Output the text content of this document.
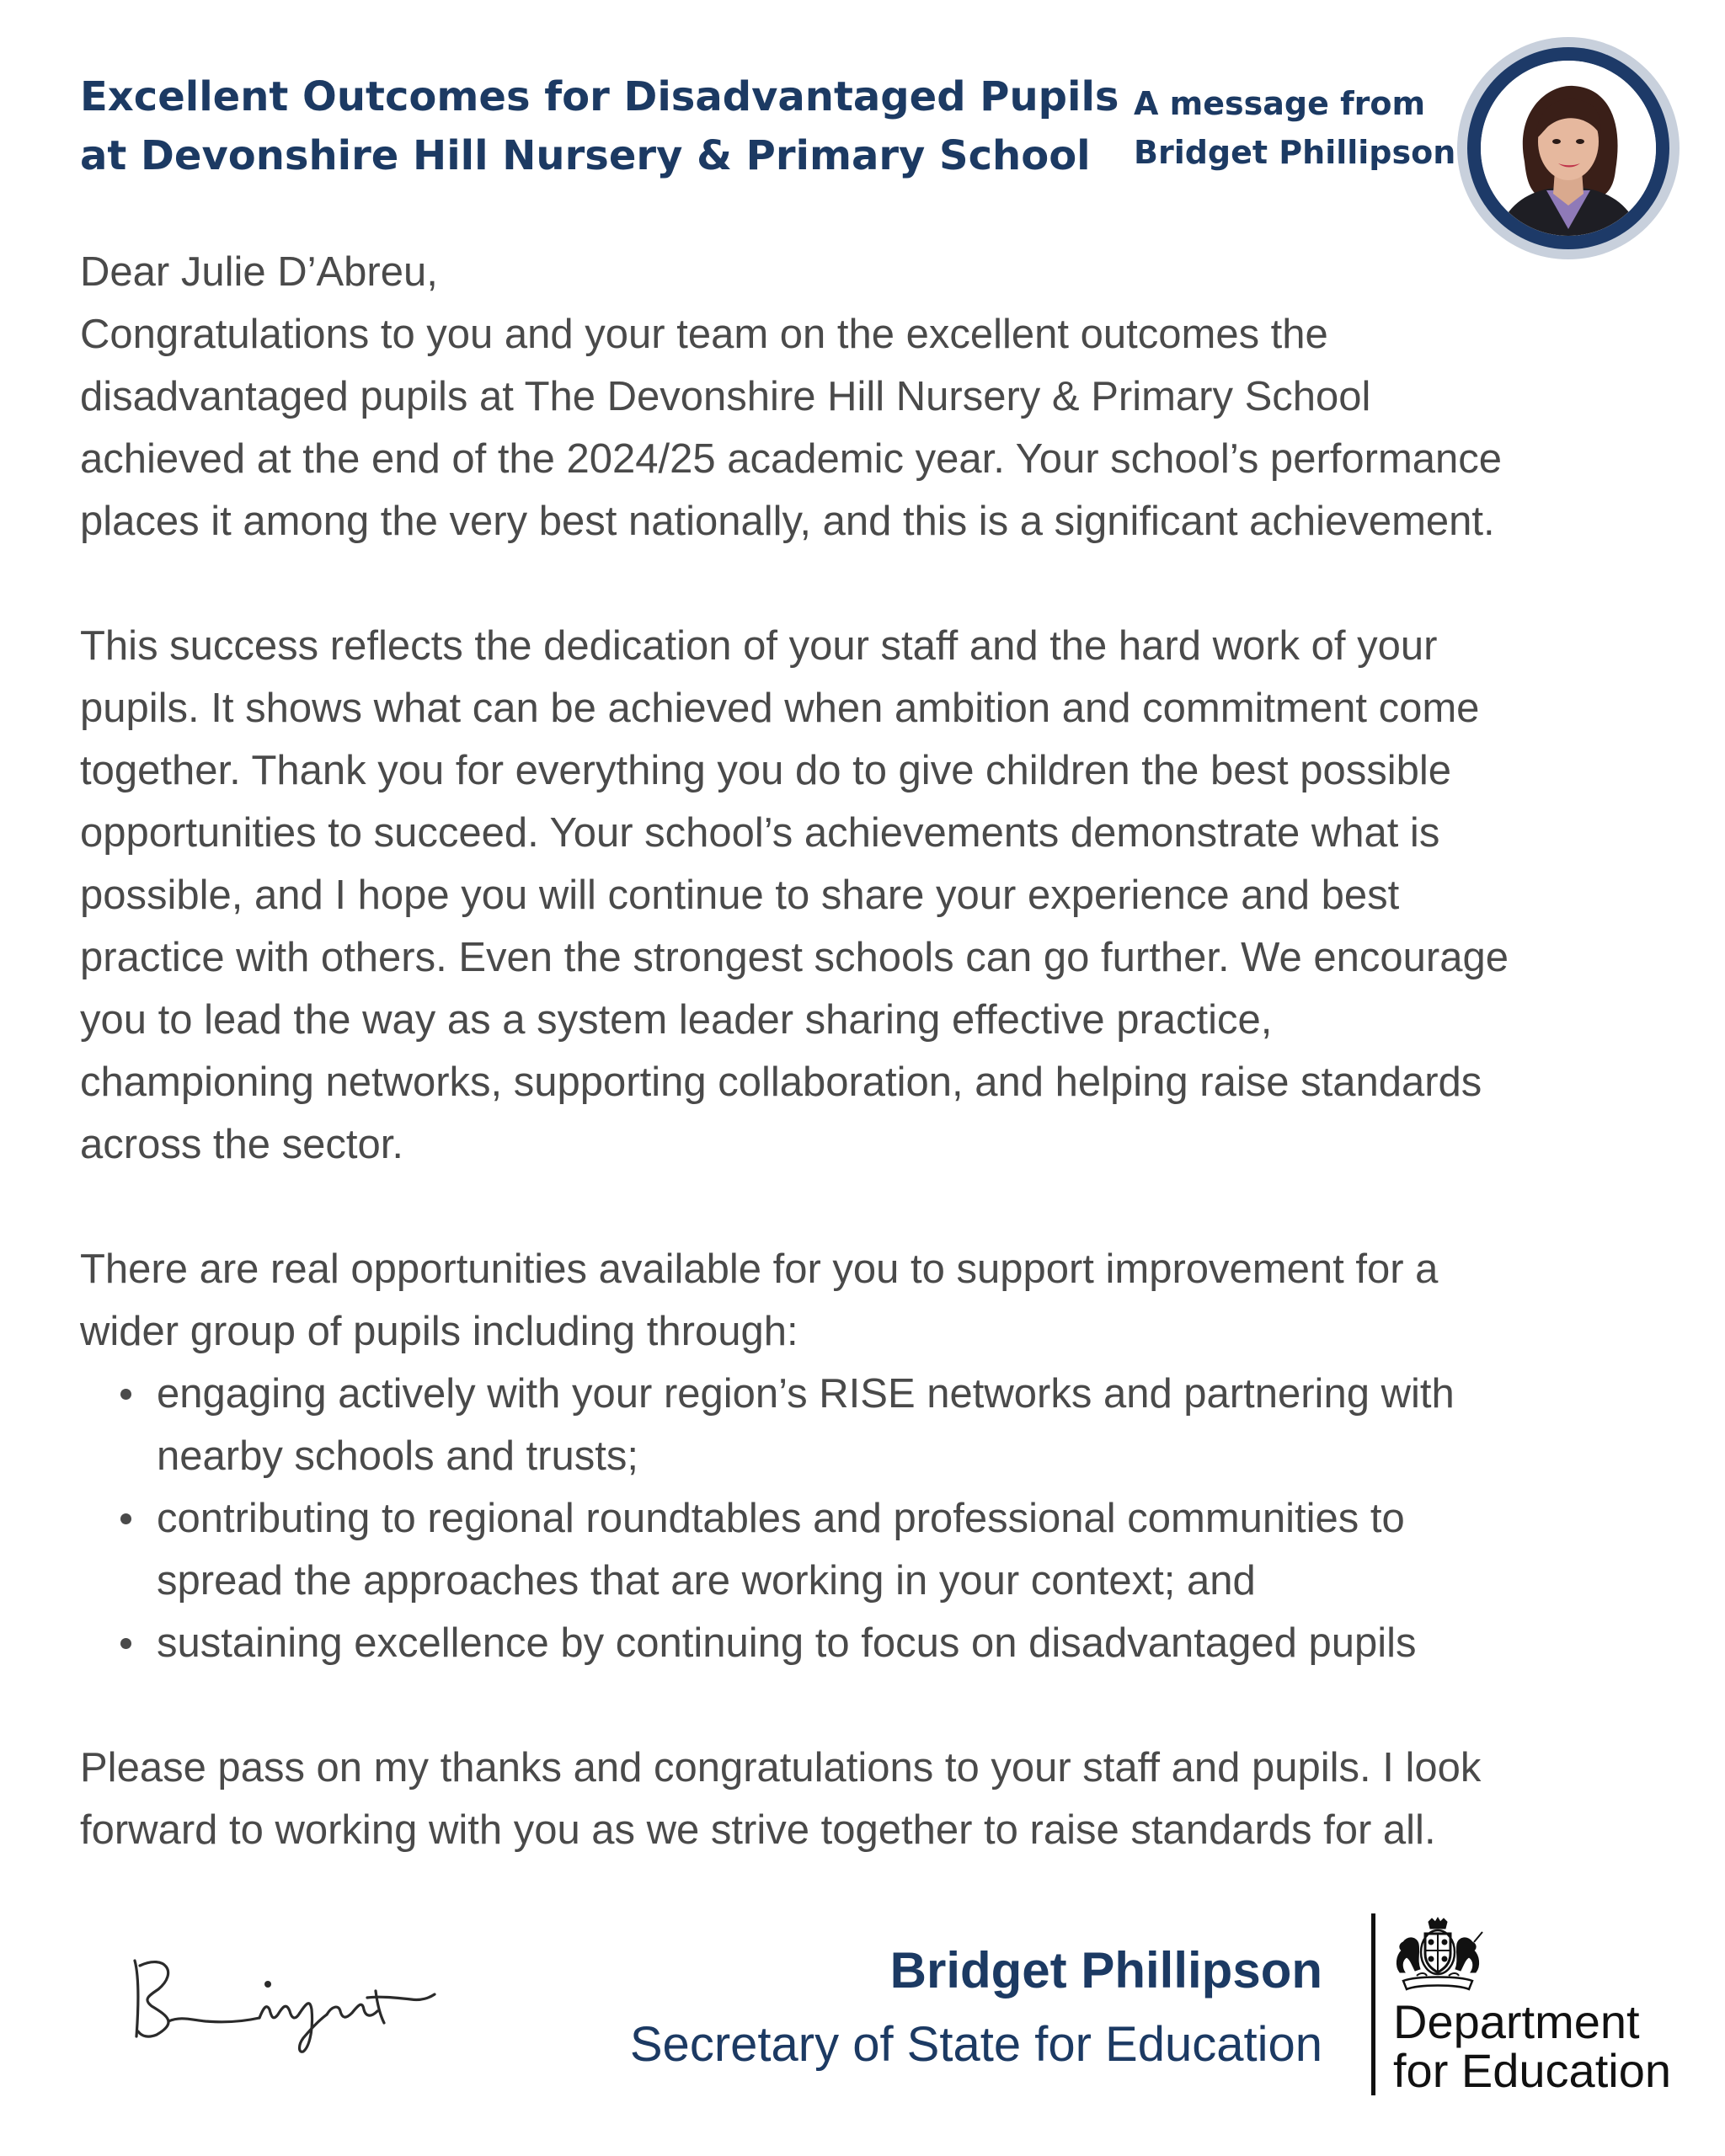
Excellent Outcomes for Disadvantaged Pupils
at Devonshire Hill Nursery & Primary School
A message from
Bridget Phillipson

Dear Julie D’Abreu,

Congratulations to you and your team on the excellent outcomes the
disadvantaged pupils at The Devonshire Hill Nursery & Primary School
achieved at the end of the 2024/25 academic year. Your school’s performance
places it among the very best nationally, and this is a significant achievement.

This success reflects the dedication of your staff and the hard work of your
pupils. It shows what can be achieved when ambition and commitment come
together. Thank you for everything you do to give children the best possible
opportunities to succeed. Your school’s achievements demonstrate what is
possible, and I hope you will continue to share your experience and best
practice with others. Even the strongest schools can go further. We encourage
you to lead the way as a system leader sharing effective practice,
championing networks, supporting collaboration, and helping raise standards
across the sector.

There are real opportunities available for you to support improvement for a
wider group of pupils including through:

engaging actively with your region’s RISE networks and partnering with
nearby schools and trusts;
contributing to regional roundtables and professional communities to
spread the approaches that are working in your context; and
sustaining excellence by continuing to focus on disadvantaged pupils

Please pass on my thanks and congratulations to your staff and pupils. I look
forward to working with you as we strive together to raise standards for all.

Bridget Phillipson
Secretary of State for Education Department
for Education
